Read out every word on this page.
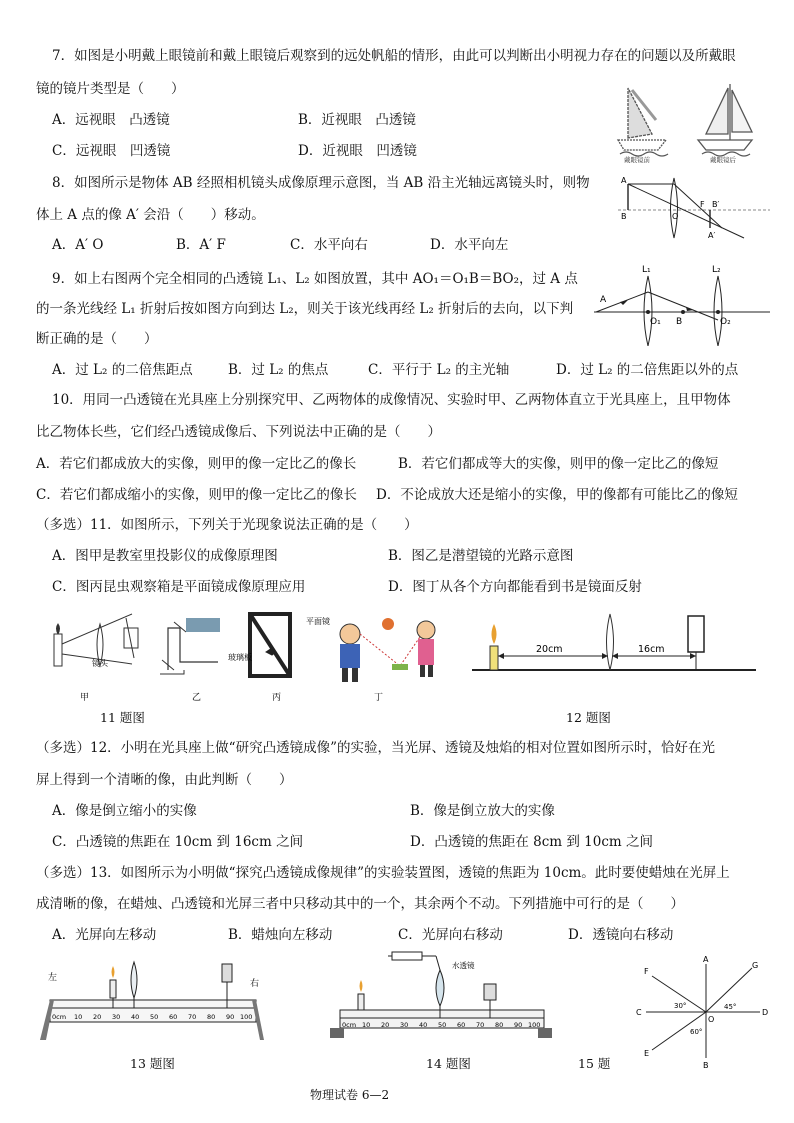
7．如图是小明戴上眼镜前和戴上眼镜后观察到的远处帆船的情形，由此可以判断出小明视力存在的问题以及所戴眼
镜的镜片类型是（　　）
A．远视眼　凸透镜	B．近视眼　凸透镜
C．远视眼　凹透镜	D．近视眼　凹透镜
戴眼镜前	戴眼镜后
8．如图所示是物体 AB 经照相机镜头成像原理示意图，当 AB 沿主光轴远离镜头时，则物
体上 A 点的像 A′ 会沿（　　）移动。
A．A′ O	B．A′ F	C．水平向右	D．水平向左
A
B	O
F B′
A′
9．如上右图两个完全相同的凸透镜 L₁、L₂ 如图放置，其中 AO₁＝O₁B＝BO₂，过 A 点
的一条光线经 L₁ 折射后按如图方向到达 L₂，则关于该光线再经 L₂ 折射后的去向，以下判
断正确的是（　　）
A．过 L₂ 的二倍焦距点	B．过 L₂ 的焦点	C．平行于 L₂ 的主光轴	D．过 L₂ 的二倍焦距以外的点
L₁	L₂
A
O₁ B	O₂
10．用同一凸透镜在光具座上分别探究甲、乙两物体的成像情况、实验时甲、乙两物体直立于光具座上，且甲物体
比乙物体长些，它们经凸透镜成像后、下列说法中正确的是（　　）
A．若它们都成放大的实像，则甲的像一定比乙的像长	B．若它们都成等大的实像，则甲的像一定比乙的像短
C．若它们都成缩小的实像，则甲的像一定比乙的像长 D．不论成放大还是缩小的实像，甲的像都有可能比乙的像短
（多选）11．如图所示，下列关于光现象说法正确的是（　　）
A．图甲是教室里投影仪的成像原理图	B．图乙是潜望镜的光路示意图
C．图丙昆虫观察箱是平面镜成像原理应用	D．图丁从各个方向都能看到书是镜面反射
镜头
玻璃板
平面镜
甲	乙	丙	丁
11 题图
20cm	16cm
12 题图
（多选）12．小明在光具座上做“研究凸透镜成像”的实验，当光屏、透镜及烛焰的相对位置如图所示时，恰好在光
屏上得到一个清晰的像，由此判断（　　）
A．像是倒立缩小的实像	B．像是倒立放大的实像
C．凸透镜的焦距在 10cm 到 16cm 之间	D．凸透镜的焦距在 8cm 到 10cm 之间
（多选）13．如图所示为小明做“探究凸透镜成像规律”的实验装置图，透镜的焦距为 10cm。此时要使蜡烛在光屏上
成清晰的像，在蜡烛、凸透镜和光屏三者中只移动其中的一个，其余两个不动。下列措施中可行的是（　　）
A．光屏向左移动	B．蜡烛向左移动	C．光屏向右移动	D．透镜向右移动
左
右
0cm 10 20 30 40 50 60 70 80 90 100
13 题图
水透镜
0cm 10 20 30 40 50 60 70 80 90 100
14 题图
A
B
C	D
E
F
G
O
30°	45°
60°
15 题
物理试卷 6—2
